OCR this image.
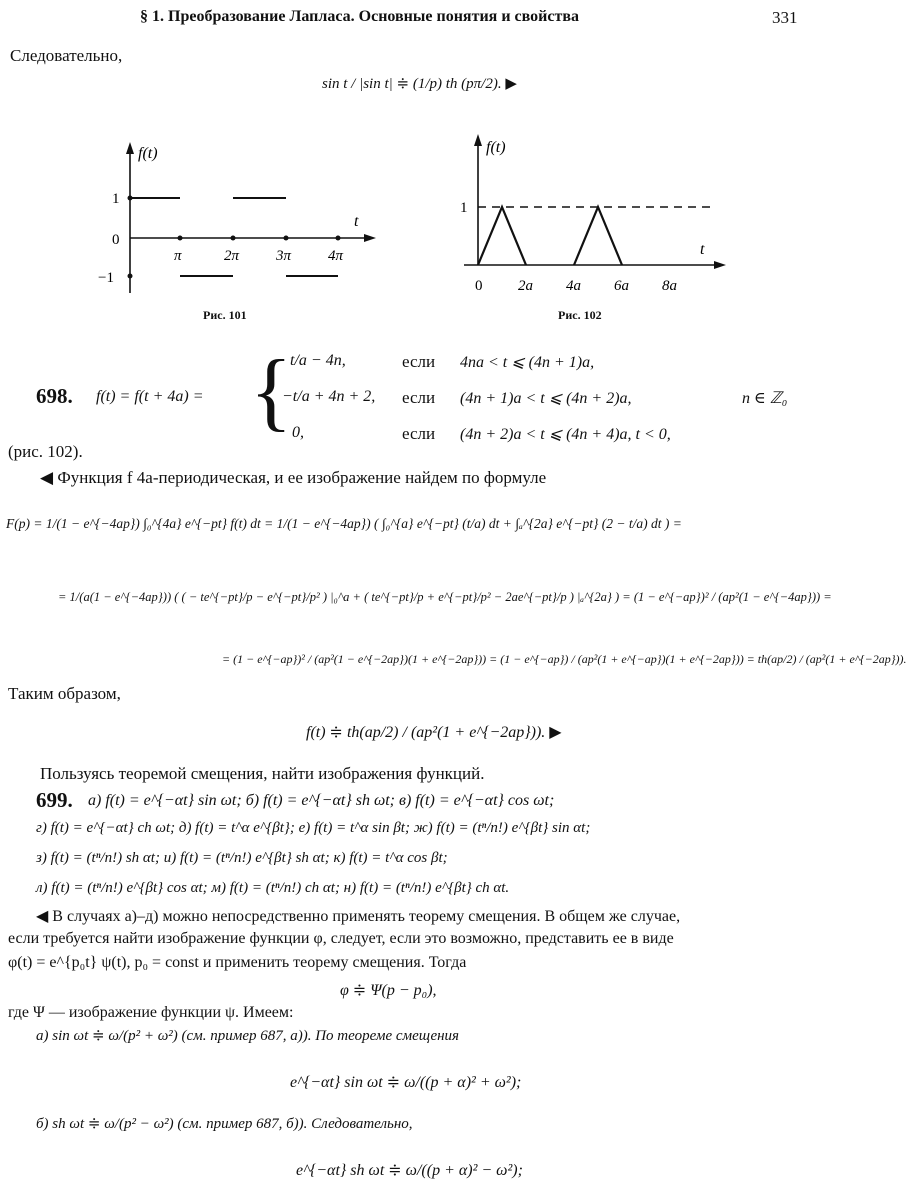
§ 1. Преобразование Лапласа. Основные понятия и свойства	331
Следовательно,
sin t / |sin t| ≑ (1/p) th (pπ/2). ▶
f(t)
t
1
0
−1
π	2π 3π 4π
Рис. 101
f(t)
t
1
0 2a 4a 6a 8a
Рис. 102
698. f(t) = f(t + 4a) = {
t/a − 4n,	если 4na < t ⩽ (4n + 1)a,
−t/a + 4n + 2, если (4n + 1)a < t ⩽ (4n + 2)a,
0,	если (4n + 2)a < t ⩽ (4n + 4)a, t < 0,
n ∈ ℤ₀
(рис. 102).
◀ Функция f 4a-периодическая, и ее изображение найдем по формуле
F(p) = 1/(1 − e^{−4ap}) ∫₀^{4a} e^{−pt} f(t) dt = 1/(1 − e^{−4ap}) ( ∫₀^{a} e^{−pt} (t/a) dt + ∫ₐ^{2a} e^{−pt} (2 − t/a) dt ) =
= 1/(a(1 − e^{−4ap})) ( ( − te^{−pt}/p − e^{−pt}/p² ) |₀^a + ( te^{−pt}/p + e^{−pt}/p² − 2ae^{−pt}/p ) |ₐ^{2a} ) = (1 − e^{−ap})² / (ap²(1 − e^{−4ap})) =
= (1 − e^{−ap})² / (ap²(1 − e^{−2ap})(1 + e^{−2ap})) = (1 − e^{−ap}) / (ap²(1 + e^{−ap})(1 + e^{−2ap})) = th(ap/2) / (ap²(1 + e^{−2ap})).
Таким образом,
f(t) ≑ th(ap/2) / (ap²(1 + e^{−2ap})). ▶
Пользуясь теоремой смещения, найти изображения функций.
699. а) f(t) = e^{−αt} sin ωt; б) f(t) = e^{−αt} sh ωt; в) f(t) = e^{−αt} cos ωt;
г) f(t) = e^{−αt} ch ωt; д) f(t) = t^α e^{βt}; е) f(t) = t^α sin βt; ж) f(t) = (tⁿ/n!) e^{βt} sin αt;
з) f(t) = (tⁿ/n!) sh αt; и) f(t) = (tⁿ/n!) e^{βt} sh αt; к) f(t) = t^α cos βt;
л) f(t) = (tⁿ/n!) e^{βt} cos αt; м) f(t) = (tⁿ/n!) ch αt; н) f(t) = (tⁿ/n!) e^{βt} ch αt.
◀ В случаях а)–д) можно непосредственно применять теорему смещения. В общем же случае,
если требуется найти изображение функции φ, следует, если это возможно, представить ее в виде
φ(t) = e^{p₀t} ψ(t), p₀ = const и применить теорему смещения. Тогда
φ ≑ Ψ(p − p₀),
где Ψ — изображение функции ψ. Имеем:
а) sin ωt ≑ ω/(p² + ω²) (см. пример 687, а)). По теореме смещения
e^{−αt} sin ωt ≑ ω/((p + α)² + ω²);
б) sh ωt ≑ ω/(p² − ω²) (см. пример 687, б)). Следовательно,
e^{−αt} sh ωt ≑ ω/((p + α)² − ω²);
